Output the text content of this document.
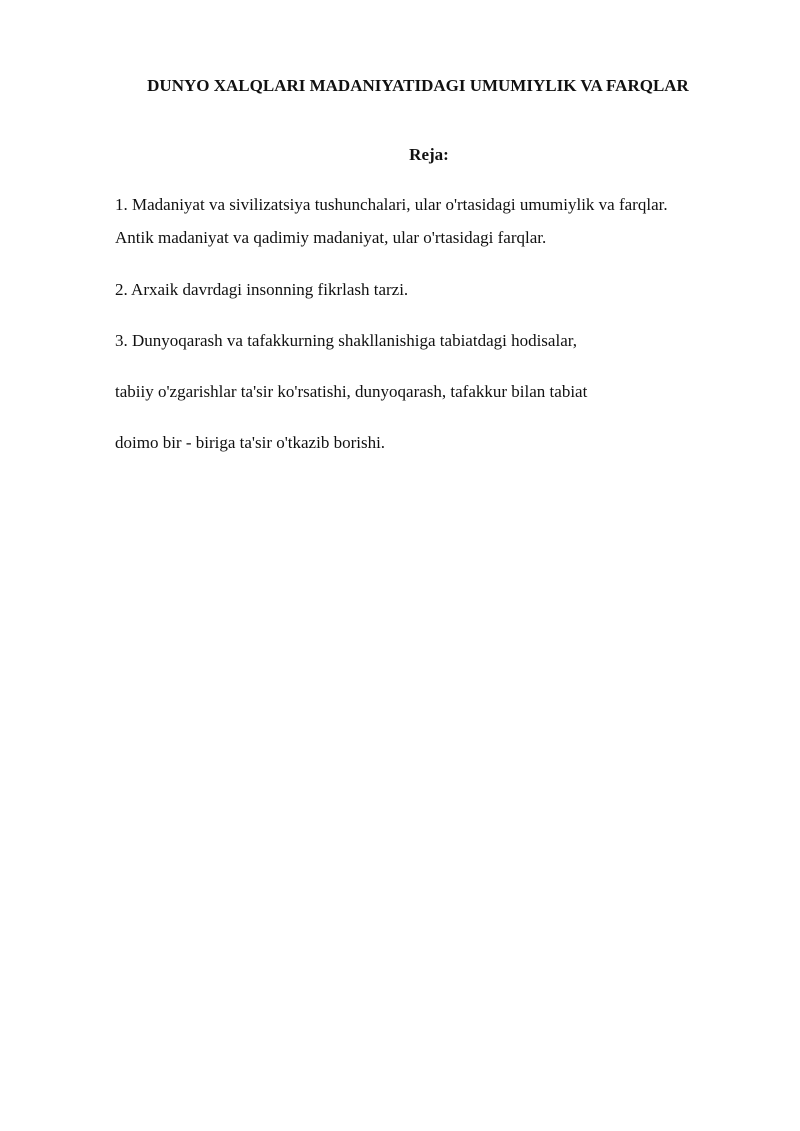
DUNYO XALQLARI MADANIYATIDAGI UMUMIYLIK VA FARQLAR
Reja:
1. Madaniyat va sivilizatsiya tushunchalari, ular o'rtasidagi umumiylik va farqlar.
Antik madaniyat va qadimiy madaniyat, ular o'rtasidagi farqlar.
2. Arxaik davrdagi insonning fikrlash tarzi.
3. Dunyoqarash va tafakkurning shakllanishiga tabiatdagi hodisalar,
tabiiy o'zgarishlar ta'sir ko'rsatishi, dunyoqarash, tafakkur bilan tabiat
doimo bir - biriga ta'sir o'tkazib borishi.
